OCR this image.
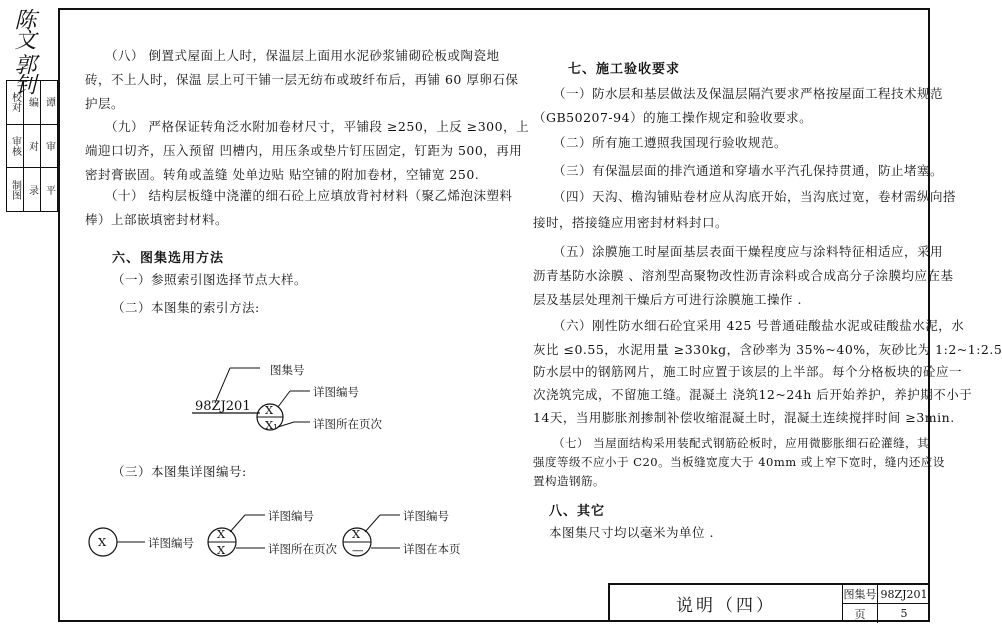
陈文 郭钊
校对
审核
制图
编
对
录
谭
审
平
（八） 倒置式屋面上人时，保温层上面用水泥砂浆铺砌砼板或陶瓷地
砖，不上人时，保温 层上可干铺一层无纺布或玻纤布后，再铺 60 厚卵石保
护层。
（九） 严格保证转角泛水附加卷材尺寸，平铺段 ≥250，上反 ≥300，上
端迎口切齐，压入预留 凹槽内，用压条或垫片钉压固定，钉距为 500，再用
密封膏嵌固。转角或盖缝 处单边贴 贴空铺的附加卷材，空铺宽 250.
（十） 结构层板缝中浇灌的细石砼上应填放背衬材料（聚乙烯泡沫塑料
棒）上部嵌填密封材料。
六、图集选用方法
（一）参照索引图选择节点大样。
（二）本图集的索引方法:
图集号
98ZJ201
详图编号
详图所在页次
X
X₁
（三）本图集详图编号:
X	详图编号
X
X
详图编号
详图所在页次
X
—
详图编号
详图在本页
七、施工验收要求
（一）防水层和基层做法及保温层隔汽要求严格按屋面工程技术规范
（GB50207-94）的施工操作规定和验收要求。
（二）所有施工遵照我国现行验收规范。
（三）有保温层面的排汽通道和穿墙水平汽孔保持贯通，防止堵塞。
（四）天沟、檐沟铺贴卷材应从沟底开始，当沟底过宽，卷材需纵向搭
接时，搭接缝应用密封材料封口。
（五）涂膜施工时屋面基层表面干燥程度应与涂料特征相适应，采用
沥青基防水涂膜 、溶剂型高聚物改性沥青涂料或合成高分子涂膜均应在基
层及基层处理剂干燥后方可进行涂膜施工操作 .
（六）刚性防水细石砼宜采用 425 号普通硅酸盐水泥或硅酸盐水泥，水
灰比 ≤0.55，水泥用量 ≥330kg，含砂率为 35%~40%，灰砂比为 1:2~1:2.5
防水层中的钢筋网片，施工时应置于该层的上半部。每个分格板块的砼应一
次浇筑完成，不留施工缝。混凝土 浇筑12~24h 后开始养护，养护期不小于
14天，当用膨胀剂掺制补偿收缩混凝土时，混凝土连续搅拌时间 ≥3min.
（七） 当屋面结构采用装配式钢筋砼板时，应用微膨胀细石砼灌缝，其
强度等级不应小于 C20。当板缝宽度大于 40mm 或上窄下宽时，缝内还应设
置构造钢筋。
八、其它
本图集尺寸均以毫米为单位 .
说明（四）
图集号 98ZJ201
页	5
